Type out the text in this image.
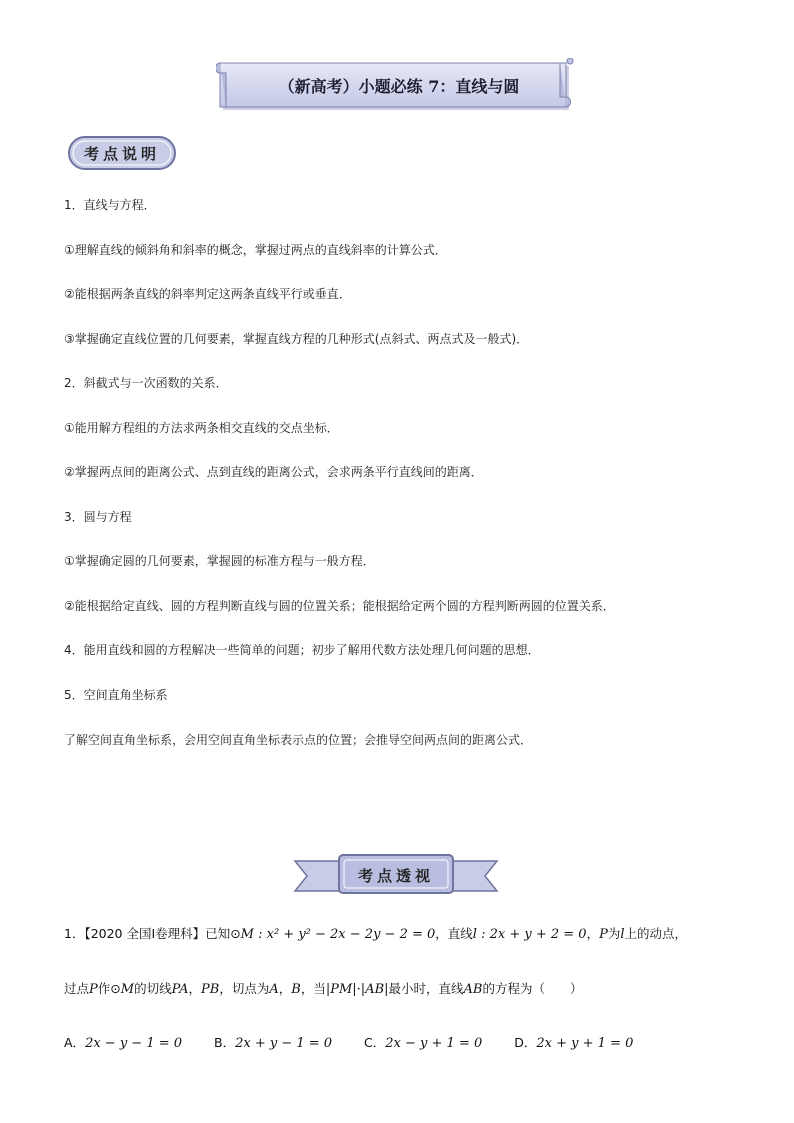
（新高考）小题必练 7：直线与圆
考点说明
1．直线与方程．
①理解直线的倾斜角和斜率的概念，掌握过两点的直线斜率的计算公式．
②能根据两条直线的斜率判定这两条直线平行或垂直．
③掌握确定直线位置的几何要素，掌握直线方程的几种形式(点斜式、两点式及一般式)．
2．斜截式与一次函数的关系．
①能用解方程组的方法求两条相交直线的交点坐标．
②掌握两点间的距离公式、点到直线的距离公式，会求两条平行直线间的距离．
3．圆与方程
①掌握确定圆的几何要素，掌握圆的标准方程与一般方程．
②能根据给定直线、圆的方程判断直线与圆的位置关系；能根据给定两个圆的方程判断两圆的位置关系．
4．能用直线和圆的方程解决一些简单的问题；初步了解用代数方法处理几何问题的思想．
5．空间直角坐标系
了解空间直角坐标系，会用空间直角坐标表示点的位置；会推导空间两点间的距离公式．
考点透视
1．【2020 全国Ⅰ卷理科】已知⊙M : x² + y² − 2x − 2y − 2 = 0，直线l : 2x + y + 2 = 0，P为l上的动点，
过点P作⊙M的切线PA，PB，切点为A，B，当|PM|·|AB|最小时，直线AB的方程为（　　）
A．2x − y − 1 = 0	B．2x + y − 1 = 0	C．2x − y + 1 = 0	D．2x + y + 1 = 0
